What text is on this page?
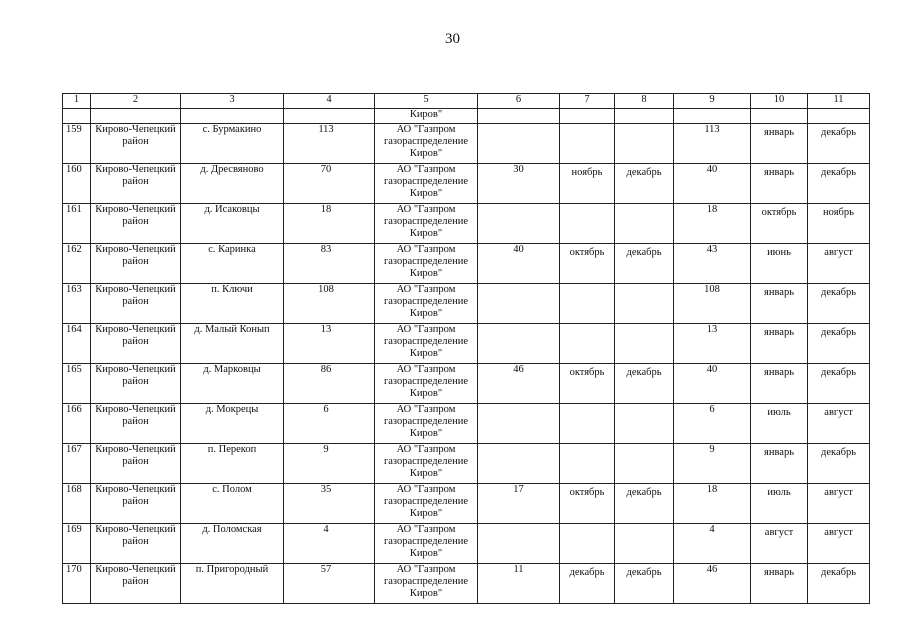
30
1	2	3	4	5	6	7	8	9	10	11
				Киров"						
159	Кирово-Чепецкий район	с. Бурмакино	113	АО "Газпром газораспределение Киров"				113	январь	декабрь
160	Кирово-Чепецкий район	д. Дресвяново	70	АО "Газпром газораспределение Киров"	30	ноябрь	декабрь	40	январь	декабрь
161	Кирово-Чепецкий район	д. Исаковцы	18	АО "Газпром газораспределение Киров"				18	октябрь	ноябрь
162	Кирово-Чепецкий район	с. Каринка	83	АО "Газпром газораспределение Киров"	40	октябрь	декабрь	43	июнь	август
163	Кирово-Чепецкий район	п. Ключи	108	АО "Газпром газораспределение Киров"				108	январь	декабрь
164	Кирово-Чепецкий район	д. Малый Конып	13	АО "Газпром газораспределение Киров"				13	январь	декабрь
165	Кирово-Чепецкий район	д. Марковцы	86	АО "Газпром газораспределение Киров"	46	октябрь	декабрь	40	январь	декабрь
166	Кирово-Чепецкий район	д. Мокрецы	6	АО "Газпром газораспределение Киров"				6	июль	август
167	Кирово-Чепецкий район	п. Перекоп	9	АО "Газпром газораспределение Киров"				9	январь	декабрь
168	Кирово-Чепецкий район	с. Полом	35	АО "Газпром газораспределение Киров"	17	октябрь	декабрь	18	июль	август
169	Кирово-Чепецкий район	д. Поломская	4	АО "Газпром газораспределение Киров"				4	август	август
170	Кирово-Чепецкий район	п. Пригородный	57	АО "Газпром газораспределение Киров"	11	декабрь	декабрь	46	январь	декабрь
